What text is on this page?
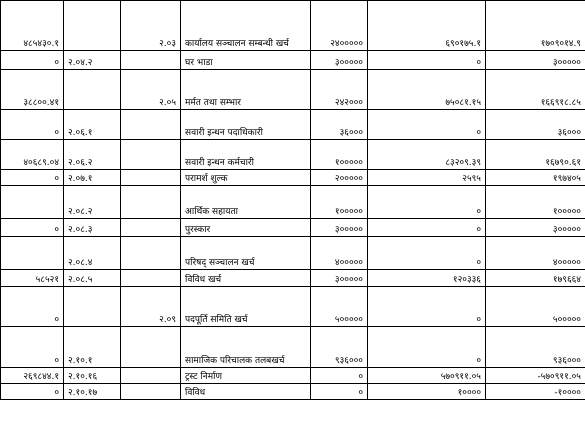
४८५४३०.१		२.०३	कार्यालय सञ्चालन सम्बन्धी खर्च	२४०००००	६९०१७५.१	१७०९०१४.९
०	२.०४.२		घर भाडा	३०००००	०	३०००००
३८८००.४१		२.०५	मर्मत तथा सम्भार	२४२०००	७५०८१.१५	१६६९१८.८५
०	२.०६.१		सवारी इन्धन पदाधिकारी	३६०००	०	३६०००
४०६८९.०४	२.०६.२		सवारी इन्धन कर्मचारी	१०००००	८३२०९.३९	१६७९०.६१
०	२.०७.१		परामर्श शुल्क	२०००००	२५९५	१९७४०५
	२.०८.२		आर्थिक सहायता	१०००००	०	१०००००
०	२.०८.३		पुरस्कार	३०००००	०	३०००००
	२.०८.४		परिषद् सञ्चालन खर्च	४०००००	०	४०००००
५८५२१	२.०८.५		विविध खर्च	३०००००	१२०३३६	१७९६६४
०		२.०९	पदपूर्ति समिति खर्च	५०००००	०	५०००००
०	२.१०.१		सामाजिक परिचालक तलबखर्च	९३६०००	०	९३६०००
२६९८४४.१	२.१०.१६		ट्रस्ट निर्माण	०	५७०९११.०५	-५७०९११.०५
०	२.१०.१७		विविध	०	१००००	-१००००
